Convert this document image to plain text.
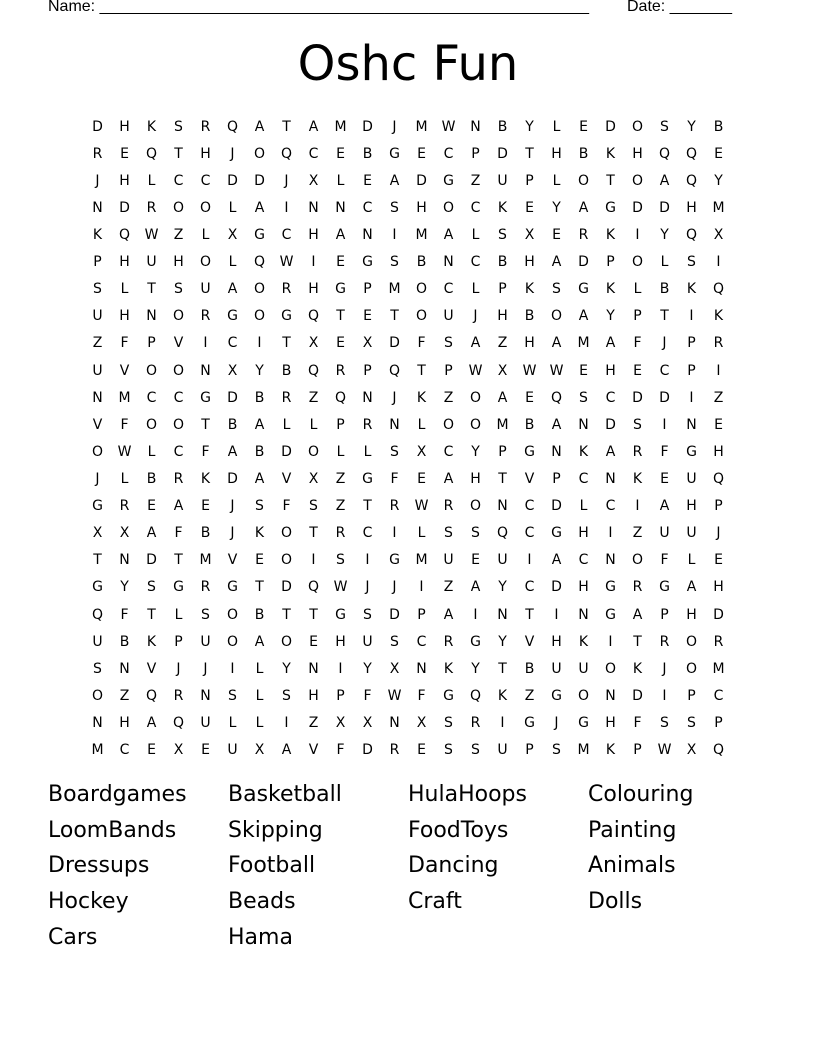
Name: _______________________________________________________ Date: _______
Oshc Fun
D	H	K	S	R	Q	A	T	A	M	D	J	M	W	N	B	Y	L	E	D	O	S	Y	B
R	E	Q	T	H	J	O	Q	C	E	B	G	E	C	P	D	T	H	B	K	H	Q	Q	E
J	H	L	C	C	D	D	J	X	L	E	A	D	G	Z	U	P	L	O	T	O	A	Q	Y
N	D	R	O	O	L	A	I	N	N	C	S	H	O	C	K	E	Y	A	G	D	D	H	M
K	Q	W	Z	L	X	G	C	H	A	N	I	M	A	L	S	X	E	R	K	I	Y	Q	X
P	H	U	H	O	L	Q	W	I	E	G	S	B	N	C	B	H	A	D	P	O	L	S	I
S	L	T	S	U	A	O	R	H	G	P	M	O	C	L	P	K	S	G	K	L	B	K	Q
U	H	N	O	R	G	O	G	Q	T	E	T	O	U	J	H	B	O	A	Y	P	T	I	K
Z	F	P	V	I	C	I	T	X	E	X	D	F	S	A	Z	H	A	M	A	F	J	P	R
U	V	O	O	N	X	Y	B	Q	R	P	Q	T	P	W	X	W W	E	H	E	C	P	I
N	M	C	C	G	D	B	R	Z	Q	N	J	K	Z	O	A	E	Q	S	C	D	D	I	Z
V	F	O	O	T	B	A	L	L	P	R	N	L	O	O	M	B	A	N	D	S	I	N	E
O	W	L	C	F	A	B	D	O	L	L	S	X	C	Y	P	G	N	K	A	R	F	G	H
J	L	B	R	K	D	A	V	X	Z	G	F	E	A	H	T	V	P	C	N	K	E	U	Q
G	R	E	A	E	J	S	F	S	Z	T	R	W	R	O	N	C	D	L	C	I	A	H	P
X	X	A	F	B	J	K	O	T	R	C	I	L	S	S	Q	C	G	H	I	Z	U	U	J
T	N	D	T	M	V	E	O	I	S	I	G	M	U	E	U	I	A	C	N	O	F	L	E
G	Y	S	G	R	G	T	D	Q	W	J	J	I	Z	A	Y	C	D	H	G	R	G	A	H
Q	F	T	L	S	O	B	T	T	G	S	D	P	A	I	N	T	I	N	G	A	P	H	D
U	B	K	P	U	O	A	O	E	H	U	S	C	R	G	Y	V	H	K	I	T	R	O	R
S	N	V	J	J	I	L	Y	N	I	Y	X	N	K	Y	T	B	U	U	O	K	J	O	M
O	Z	Q	R	N	S	L	S	H	P	F	W	F	G	Q	K	Z	G	O	N	D	I	P	C
N	H	A	Q	U	L	L	I	Z	X	X	N	X	S	R	I	G	J	G	H	F	S	S	P
M	C	E	X	E	U	X	A	V	F	D	R	E	S	S	U	P	S	M	K	P	W	X	Q
Boardgames	Basketball	HulaHoops	Colouring
LoomBands	Skipping	FoodToys	Painting
Dressups	Football	Dancing	Animals
Hockey	Beads	Craft	Dolls
Cars	Hama
